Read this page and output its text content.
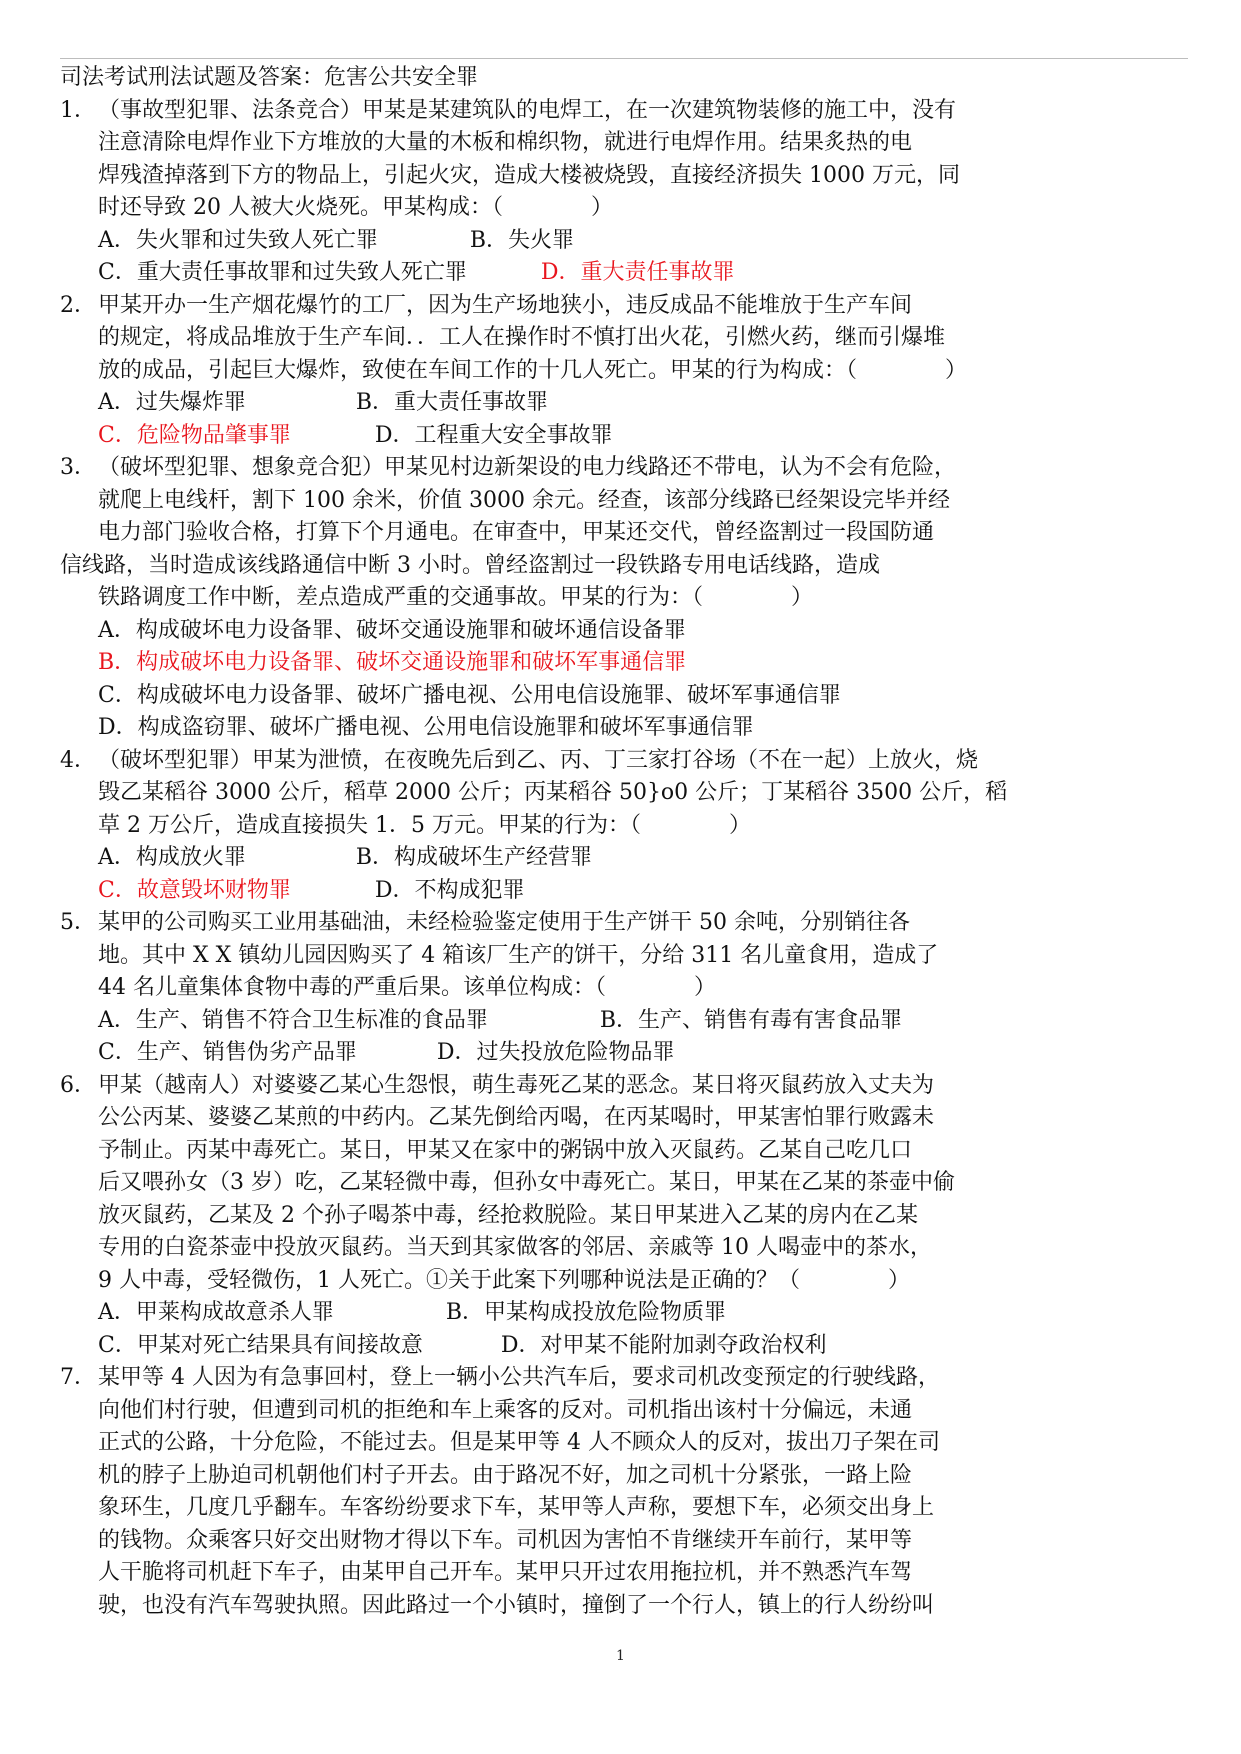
司法考试刑法试题及答案：危害公共安全罪
1．（事故型犯罪、法条竞合）甲某是某建筑队的电焊工，在一次建筑物装修的施工中，没有
注意清除电焊作业下方堆放的大量的木板和棉织物，就进行电焊作用。结果炙热的电
焊残渣掉落到下方的物品上，引起火灾，造成大楼被烧毁，直接经济损失 1000 万元，同
时还导致 20 人被大火烧死。甲某构成：（　　　　）
A．失火罪和过失致人死亡罪	B．失火罪
C．重大责任事故罪和过失致人死亡罪	D．重大责任事故罪
2．甲某开办一生产烟花爆竹的工厂，因为生产场地狭小，违反成品不能堆放于生产车间
的规定，将成品堆放于生产车间．．工人在操作时不慎打出火花，引燃火药，继而引爆堆
放的成品，引起巨大爆炸，致使在车间工作的十几人死亡。甲某的行为构成：（　　　　）
A．过失爆炸罪	B．重大责任事故罪
C．危险物品肇事罪	D．工程重大安全事故罪
3．（破坏型犯罪、想象竞合犯）甲某见村边新架设的电力线路还不带电，认为不会有危险，
就爬上电线杆，割下 100 余米，价值 3000 余元。经查，该部分线路已经架设完毕并经
电力部门验收合格，打算下个月通电。在审查中，甲某还交代，曾经盗割过一段国防通
信线路，当时造成该线路通信中断 3 小时。曾经盗割过一段铁路专用电话线路，造成
铁路调度工作中断，差点造成严重的交通事故。甲某的行为：（　　　　）
A．构成破坏电力设备罪、破坏交通设施罪和破坏通信设备罪
B．构成破坏电力设备罪、破坏交通设施罪和破坏军事通信罪
C．构成破坏电力设备罪、破坏广播电视、公用电信设施罪、破坏军事通信罪
D．构成盗窃罪、破坏广播电视、公用电信设施罪和破坏军事通信罪
4．（破坏型犯罪）甲某为泄愤，在夜晚先后到乙、丙、丁三家打谷场（不在一起）上放火，烧
毁乙某稻谷 3000 公斤，稻草 2000 公斤；丙某稻谷 50}o0 公斤；丁某稻谷 3500 公斤，稻
草 2 万公斤，造成直接损失 1．5 万元。甲某的行为：（　　　　）
A．构成放火罪	B．构成破坏生产经营罪
C．故意毁坏财物罪	D．不构成犯罪
5．某甲的公司购买工业用基础油，未经检验鉴定使用于生产饼干 50 余吨，分别销往各
地。其中 X X 镇幼儿园因购买了 4 箱该厂生产的饼干，分给 311 名儿童食用，造成了
44 名儿童集体食物中毒的严重后果。该单位构成：（　　　　）
A．生产、销售不符合卫生标准的食品罪	B．生产、销售有毒有害食品罪
C．生产、销售伪劣产品罪	D．过失投放危险物品罪
6．甲某（越南人）对婆婆乙某心生怨恨，萌生毒死乙某的恶念。某日将灭鼠药放入丈夫为
公公丙某、婆婆乙某煎的中药内。乙某先倒给丙喝，在丙某喝时，甲某害怕罪行败露未
予制止。丙某中毒死亡。某日，甲某又在家中的粥锅中放入灭鼠药。乙某自己吃几口
后又喂孙女（3 岁）吃，乙某轻微中毒，但孙女中毒死亡。某日，甲某在乙某的茶壶中偷
放灭鼠药，乙某及 2 个孙子喝茶中毒，经抢救脱险。某日甲某进入乙某的房内在乙某
专用的白瓷茶壶中投放灭鼠药。当天到其家做客的邻居、亲戚等 10 人喝壶中的茶水，
9 人中毒，受轻微伤，1 人死亡。①关于此案下列哪种说法是正确的？（　　　　）
A．甲莱构成故意杀人罪	B．甲某构成投放危险物质罪
C．甲某对死亡结果具有间接故意	D．对甲某不能附加剥夺政治权利
7．某甲等 4 人因为有急事回村，登上一辆小公共汽车后，要求司机改变预定的行驶线路，
向他们村行驶，但遭到司机的拒绝和车上乘客的反对。司机指出该村十分偏远，未通
正式的公路，十分危险，不能过去。但是某甲等 4 人不顾众人的反对，拔出刀子架在司
机的脖子上胁迫司机朝他们村子开去。由于路况不好，加之司机十分紧张，一路上险
象环生，几度几乎翻车。车客纷纷要求下车，某甲等人声称，要想下车，必须交出身上
的钱物。众乘客只好交出财物才得以下车。司机因为害怕不肯继续开车前行，某甲等
人干脆将司机赶下车子，由某甲自己开车。某甲只开过农用拖拉机，并不熟悉汽车驾
驶，也没有汽车驾驶执照。因此路过一个小镇时，撞倒了一个行人，镇上的行人纷纷叫
1
